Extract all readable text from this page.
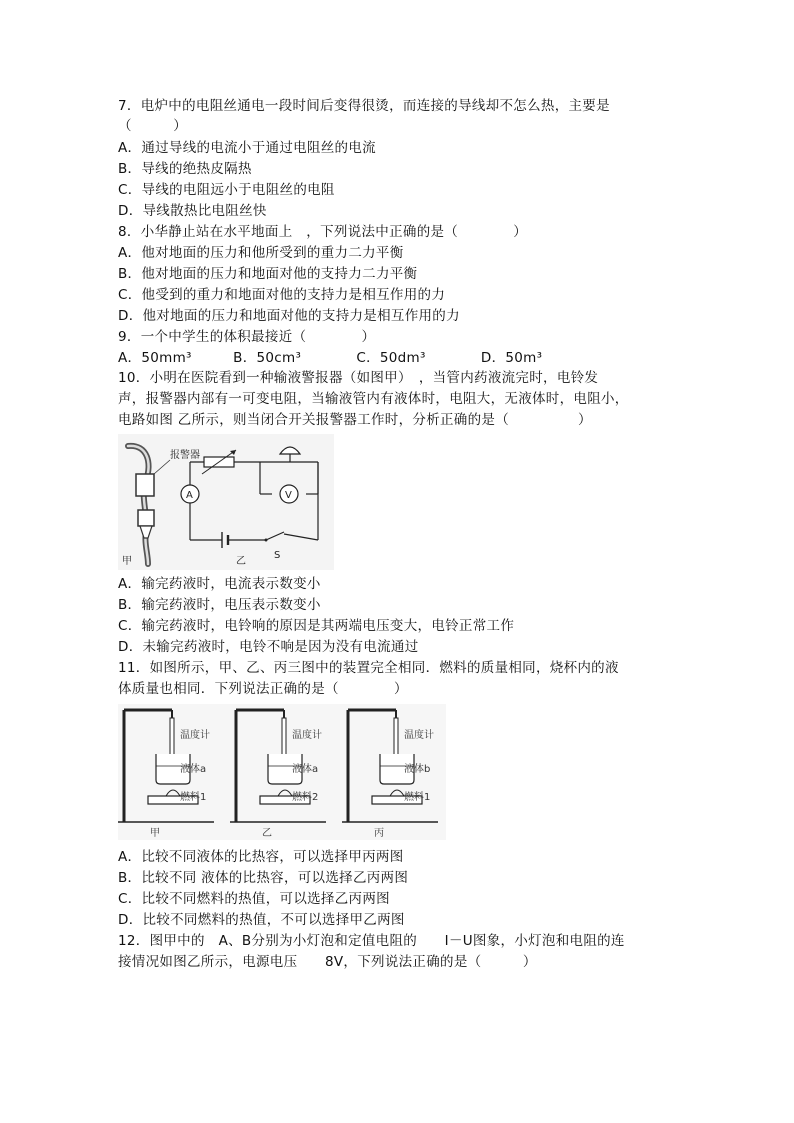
7．电炉中的电阻丝通电一段时间后变得很烫，而连接的导线却不怎么热，主要是
（　　　）
A．通过导线的电流小于通过电阻丝的电流
B．导线的绝热皮隔热
C．导线的电阻远小于电阻丝的电阻
D．导线散热比电阻丝快
8．小华静止站在水平地面上　，下列说法中正确的是（　　　　）
A．他对地面的压力和他所受到的重力二力平衡
B．他对地面的压力和地面对他的支持力二力平衡
C．他受到的重力和地面对他的支持力是相互作用的力
D．他对地面的压力和地面对他的支持力是相互作用的力
9．一个中学生的体积最接近（　　　　）
A．50mm³　　　B．50cm³　　　　C．50dm³　　　　D．50m³
10．小明在医院看到一种输液警报器（如图甲）　，当管内药液流完时，电铃发
声，报警器内部有一可变电阻，当输液管内有液体时，电阻大，无液体时，电阻小，
电路如图 乙所示，则当闭合开关报警器工作时，分析正确的是（　　　　　）
报警器
甲
A	V
S
乙
A．输完药液时，电流表示数变小
B．输完药液时，电压表示数变小
C．输完药液时，电铃响的原因是其两端电压变大，电铃正常工作
D．未输完药液时，电铃不响是因为没有电流通过
11．如图所示，甲、乙、丙三图中的装置完全相同．燃料的质量相同，烧杯内的液
体质量也相同．下列说法正确的是（　　　　）
温度计
液体a
燃料1
甲
温度计
液体a
燃料2
乙
温度计
液体b
燃料1
丙
A．比较不同液体的比热容，可以选择甲丙两图
B．比较不同 液体的比热容，可以选择乙丙两图
C．比较不同燃料的热值，可以选择乙丙两图
D．比较不同燃料的热值，不可以选择甲乙两图
12．图甲中的　A、B分别为小灯泡和定值电阻的　　I－U图象，小灯泡和电阻的连
接情况如图乙所示，电源电压　　8V，下列说法正确的是（　　　）
